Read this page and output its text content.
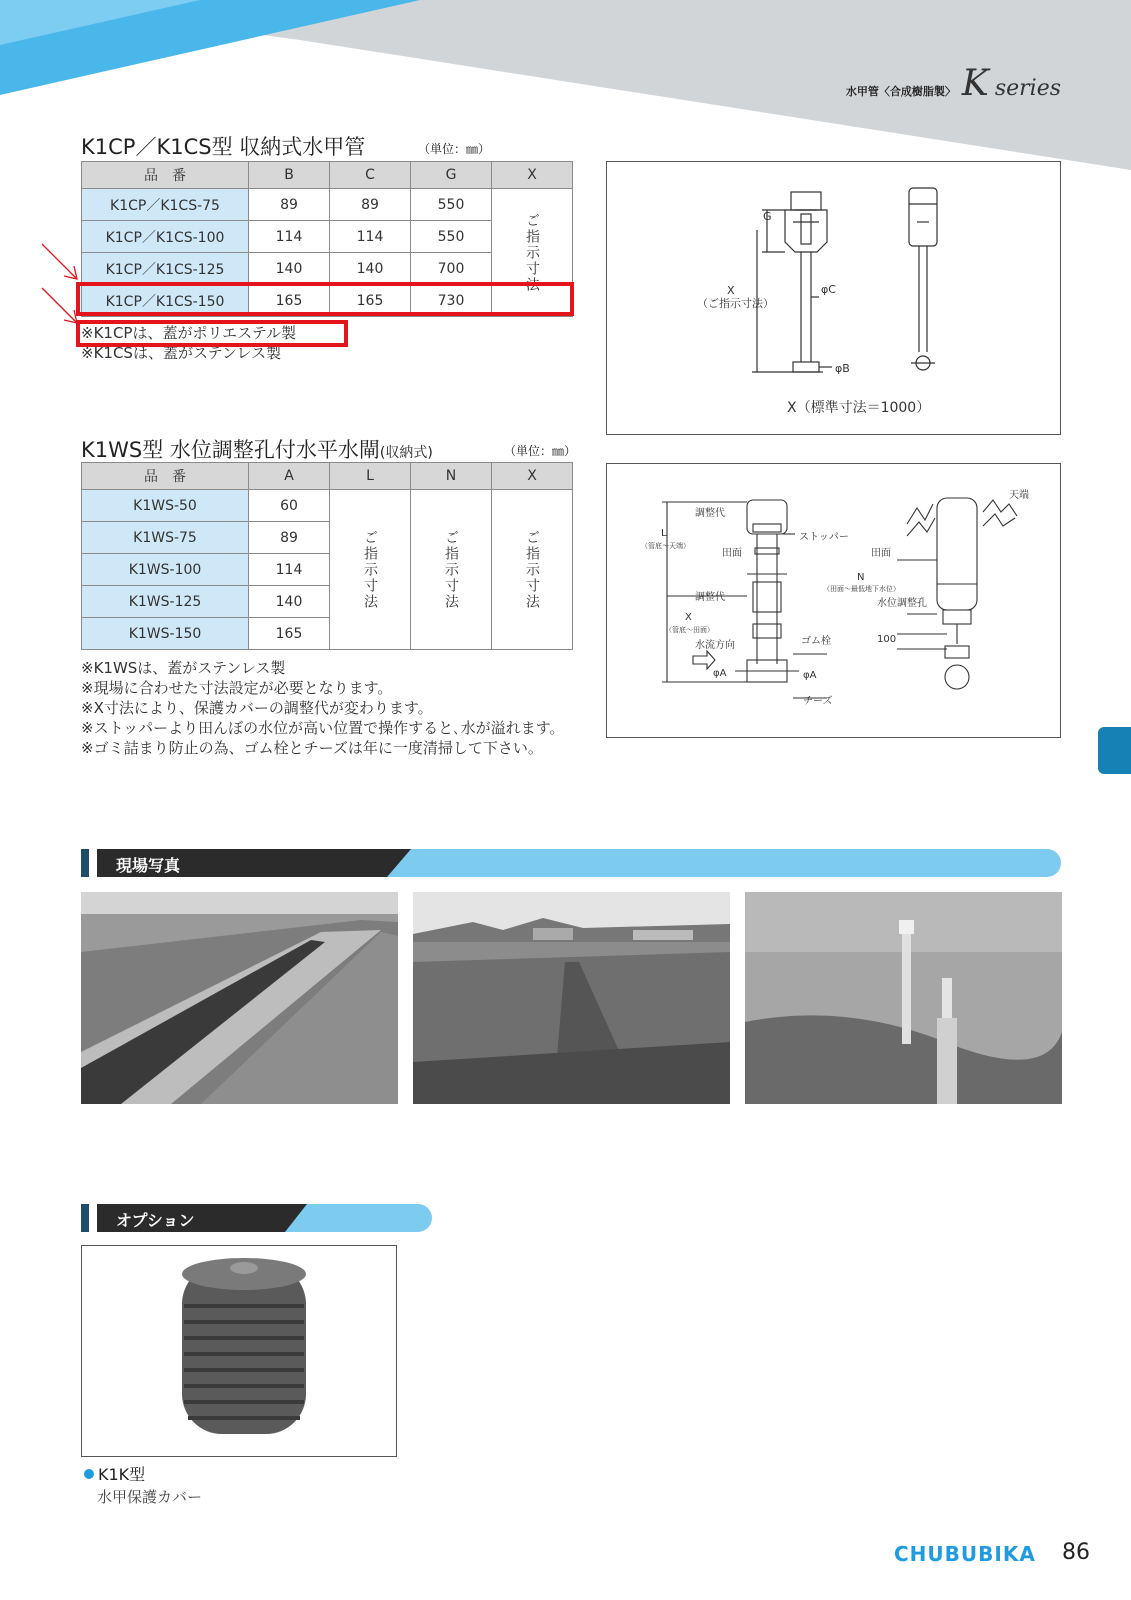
水甲管〈合成樹脂製〉 K series
K1CP／K1CS型 収納式水甲管	（単位：㎜）
品　番	B	C	G	X
K1CP／K1CS-75	89	89	550	ご指示寸法
K1CP／K1CS-100	114	114	550	
K1CP／K1CS-125	140	140	700	
K1CP／K1CS-150	165	165	730	
※K1CPは、蓋がポリエステル製
※K1CSは、蓋がステンレス製
G
X
（ご指示寸法）
φC
φB
X（標準寸法＝1000）
K1WS型 水位調整孔付水平水閘(収納式)	（単位：㎜）
品　番	A	L	N	X
K1WS-50	60	ご指示寸法	ご指示寸法	ご指示寸法
K1WS-75	89			
K1WS-100	114			
K1WS-125	140			
K1WS-150	165			
※K1WSは、蓋がステンレス製
※現場に合わせた寸法設定が必要となります。
※X寸法により、保護カバーの調整代が変わります。
※ストッパーより田んぼの水位が高い位置で操作すると､水が溢れます。
※ゴミ詰まり防止の為、ゴム栓とチーズは年に一度清掃して下さい。
調整代
L
（管底～天端）
田面
ストッパー
調整代
X
（管底～田面）
水流方向
φA
ゴム栓
φA
チーズ
天端
田面
N
（田面～最低地下水位）
水位調整孔
100
現場写真
オプション
K1K型
水甲保護カバー
CHUBUBIKA 86
